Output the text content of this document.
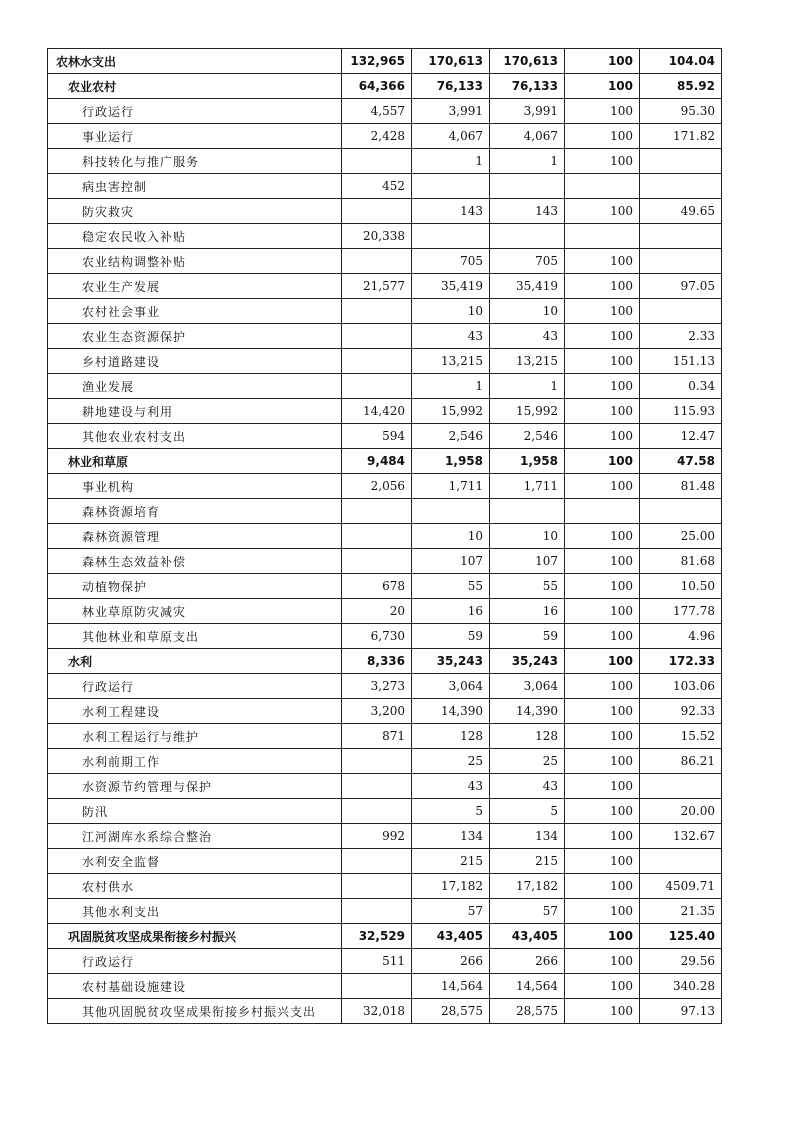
农林水支出	132,965	170,613	170,613	100	104.04
农业农村	64,366	76,133	76,133	100	85.92
行政运行	4,557	3,991	3,991	100	95.30
事业运行	2,428	4,067	4,067	100	171.82
科技转化与推广服务		1	1	100	
病虫害控制	452				
防灾救灾		143	143	100	49.65
稳定农民收入补贴	20,338				
农业结构调整补贴		705	705	100	
农业生产发展	21,577	35,419	35,419	100	97.05
农村社会事业		10	10	100	
农业生态资源保护		43	43	100	2.33
乡村道路建设		13,215	13,215	100	151.13
渔业发展		1	1	100	0.34
耕地建设与利用	14,420	15,992	15,992	100	115.93
其他农业农村支出	594	2,546	2,546	100	12.47
林业和草原	9,484	1,958	1,958	100	47.58
事业机构	2,056	1,711	1,711	100	81.48
森林资源培育					
森林资源管理		10	10	100	25.00
森林生态效益补偿		107	107	100	81.68
动植物保护	678	55	55	100	10.50
林业草原防灾减灾	20	16	16	100	177.78
其他林业和草原支出	6,730	59	59	100	4.96
水利	8,336	35,243	35,243	100	172.33
行政运行	3,273	3,064	3,064	100	103.06
水利工程建设	3,200	14,390	14,390	100	92.33
水利工程运行与维护	871	128	128	100	15.52
水利前期工作		25	25	100	86.21
水资源节约管理与保护		43	43	100	
防汛		5	5	100	20.00
江河湖库水系综合整治	992	134	134	100	132.67
水利安全监督		215	215	100	
农村供水		17,182	17,182	100	4509.71
其他水利支出		57	57	100	21.35
巩固脱贫攻坚成果衔接乡村振兴	32,529	43,405	43,405	100	125.40
行政运行	511	266	266	100	29.56
农村基础设施建设		14,564	14,564	100	340.28
其他巩固脱贫攻坚成果衔接乡村振兴支出	32,018	28,575	28,575	100	97.13
